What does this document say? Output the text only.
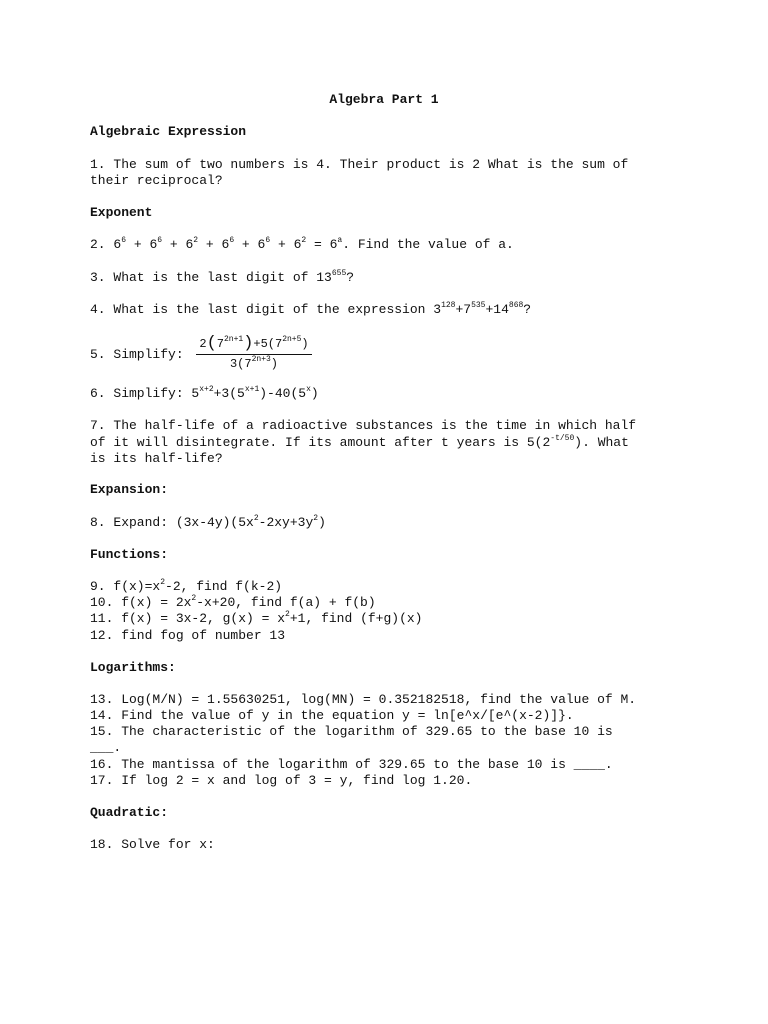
Algebra Part 1
Algebraic Expression
1. The sum of two numbers is 4. Their product is 2 What is the sum of
their reciprocal?
Exponent
2. $6^6 + 6^6 + 6^2 + 6^6 + 6^6 + 6^2 = 6^a$. Find the value of a.
3. What is the last digit of $13^{655}$?
4. What is the last digit of the expression $3^{128}+7^{535}+14^{868}$?
5. Simplify: $\frac{2(7^{2n+1})+5(7^{2n+5})}{3(7^{2n+3})}$
6. Simplify: $5^{x+2}+3(5^{x+1})-40(5^x)$
7. The half-life of a radioactive substances is the time in which half
of it will disintegrate. If its amount after t years is $5(2^{-t/50})$. What
is its half-life?
Expansion:
8. Expand: $(3x-4y)(5x^2-2xy+3y^2)$
Functions:
9. $f(x)=x^2-2$, find f(k-2)
10. $f(x) = 2x^2-x+20$, find f(a) + f(b)
11. f(x) = 3x-2, $g(x) = x^2+1$, find (f+g)(x)
12. find fog of number 13
Logarithms:
13. Log(M/N) = 1.55630251, log(MN) = 0.352182518, find the value of M.
14. Find the value of y in the equation y = ln[e^x/[e^(x-2)]}.
15. The characteristic of the logarithm of 329.65 to the base 10 is
___.
16. The mantissa of the logarithm of 329.65 to the base 10 is ____.
17. If log 2 = x and log of 3 = y, find log 1.20.
Quadratic:
18. Solve for x:
